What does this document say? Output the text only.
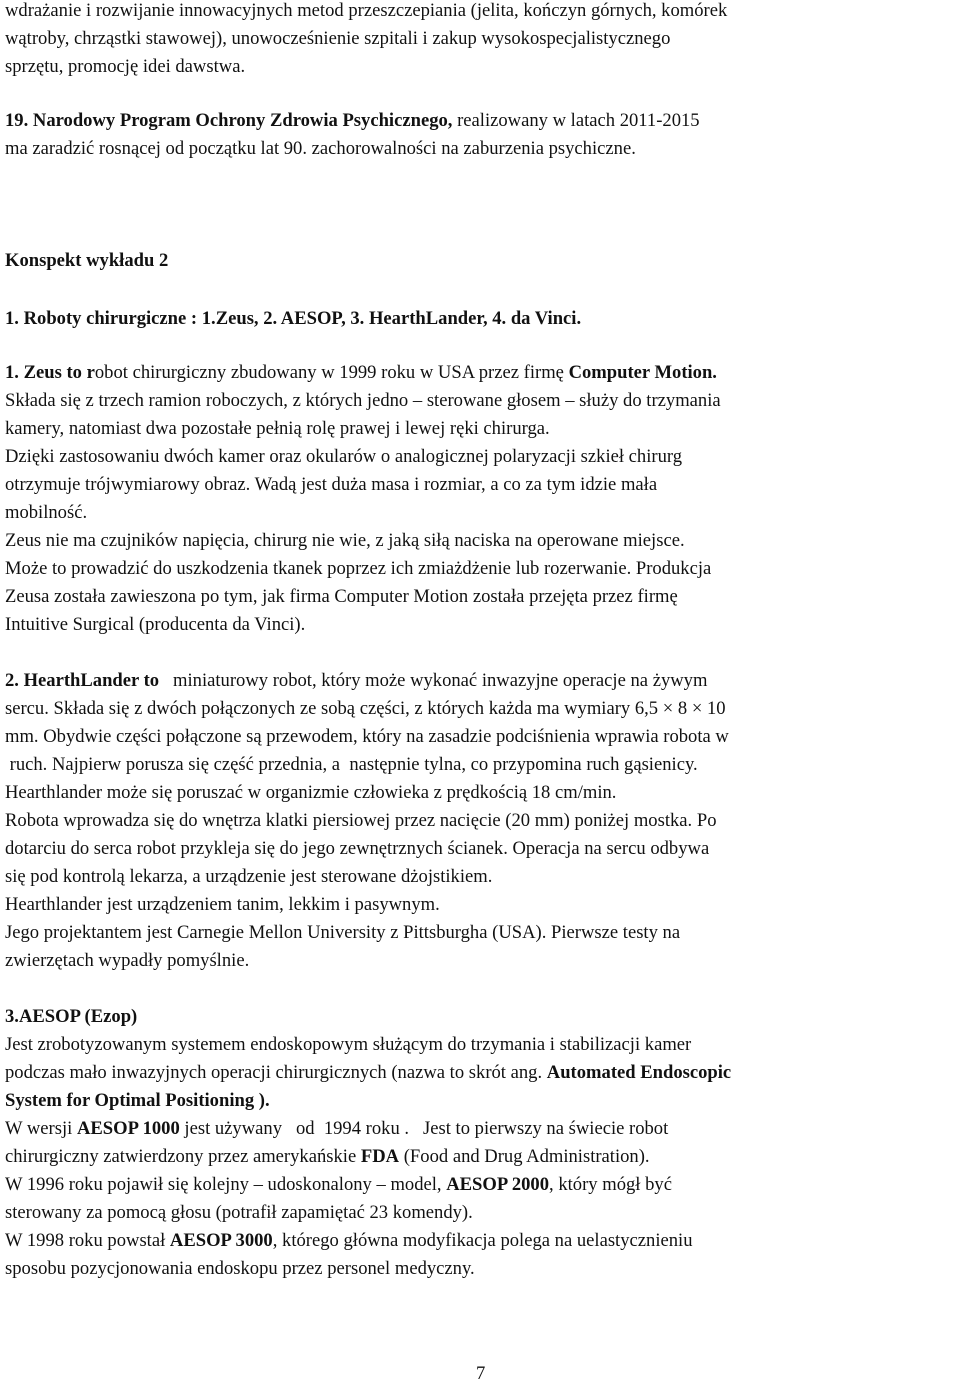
wdrażanie i rozwijanie innowacyjnych metod przeszczepiania (jelita, kończyn górnych, komórek
wątroby, chrząstki stawowej), unowocześnienie szpitali i zakup wysokospecjalistycznego
sprzętu, promocję idei dawstwa.
19. Narodowy Program Ochrony Zdrowia Psychicznego, realizowany w latach 2011-2015
ma zaradzić rosnącej od początku lat 90. zachorowalności na zaburzenia psychiczne.
Konspekt wykładu 2
1. Roboty chirurgiczne : 1.Zeus, 2. AESOP, 3. HearthLander, 4. da Vinci.
1. Zeus to robot chirurgiczny zbudowany w 1999 roku w USA przez firmę Computer Motion.
Składa się z trzech ramion roboczych, z których jedno – sterowane głosem – służy do trzymania
kamery, natomiast dwa pozostałe pełnią rolę prawej i lewej ręki chirurga.
Dzięki zastosowaniu dwóch kamer oraz okularów o analogicznej polaryzacji szkieł chirurg
otrzymuje trójwymiarowy obraz. Wadą jest duża masa i rozmiar, a co za tym idzie mała
mobilność.
Zeus nie ma czujników napięcia, chirurg nie wie, z jaką siłą naciska na operowane miejsce.
Może to prowadzić do uszkodzenia tkanek poprzez ich zmiażdżenie lub rozerwanie. Produkcja
Zeusa została zawieszona po tym, jak firma Computer Motion została przejęta przez firmę
Intuitive Surgical (producenta da Vinci).
2. HearthLander to   miniaturowy robot, który może wykonać inwazyjne operacje na żywym
sercu. Składa się z dwóch połączonych ze sobą części, z których każda ma wymiary 6,5 × 8 × 10
mm. Obydwie części połączone są przewodem, który na zasadzie podciśnienia wprawia robota w
ruch. Najpierw porusza się część przednia, a  następnie tylna, co przypomina ruch gąsienicy.
Hearthlander może się poruszać w organizmie człowieka z prędkością 18 cm/min.
Robota wprowadza się do wnętrza klatki piersiowej przez nacięcie (20 mm) poniżej mostka. Po
dotarciu do serca robot przykleja się do jego zewnętrznych ścianek. Operacja na sercu odbywa
się pod kontrolą lekarza, a urządzenie jest sterowane dżojstikiem.
Hearthlander jest urządzeniem tanim, lekkim i pasywnym.
Jego projektantem jest Carnegie Mellon University z Pittsburgha (USA). Pierwsze testy na
zwierzętach wypadły pomyślnie.
3.AESOP (Ezop)
Jest zrobotyzowanym systemem endoskopowym służącym do trzymania i stabilizacji kamer
podczas mało inwazyjnych operacji chirurgicznych (nazwa to skrót ang. Automated Endoscopic
System for Optimal Positioning ).
W wersji AESOP 1000 jest używany   od  1994 roku .   Jest to pierwszy na świecie robot
chirurgiczny zatwierdzony przez amerykańskie FDA (Food and Drug Administration).
W 1996 roku pojawił się kolejny – udoskonalony – model, AESOP 2000, który mógł być
sterowany za pomocą głosu (potrafił zapamiętać 23 komendy).
W 1998 roku powstał AESOP 3000, którego główna modyfikacja polega na uelastycznieniu
sposobu pozycjonowania endoskopu przez personel medyczny.
7
